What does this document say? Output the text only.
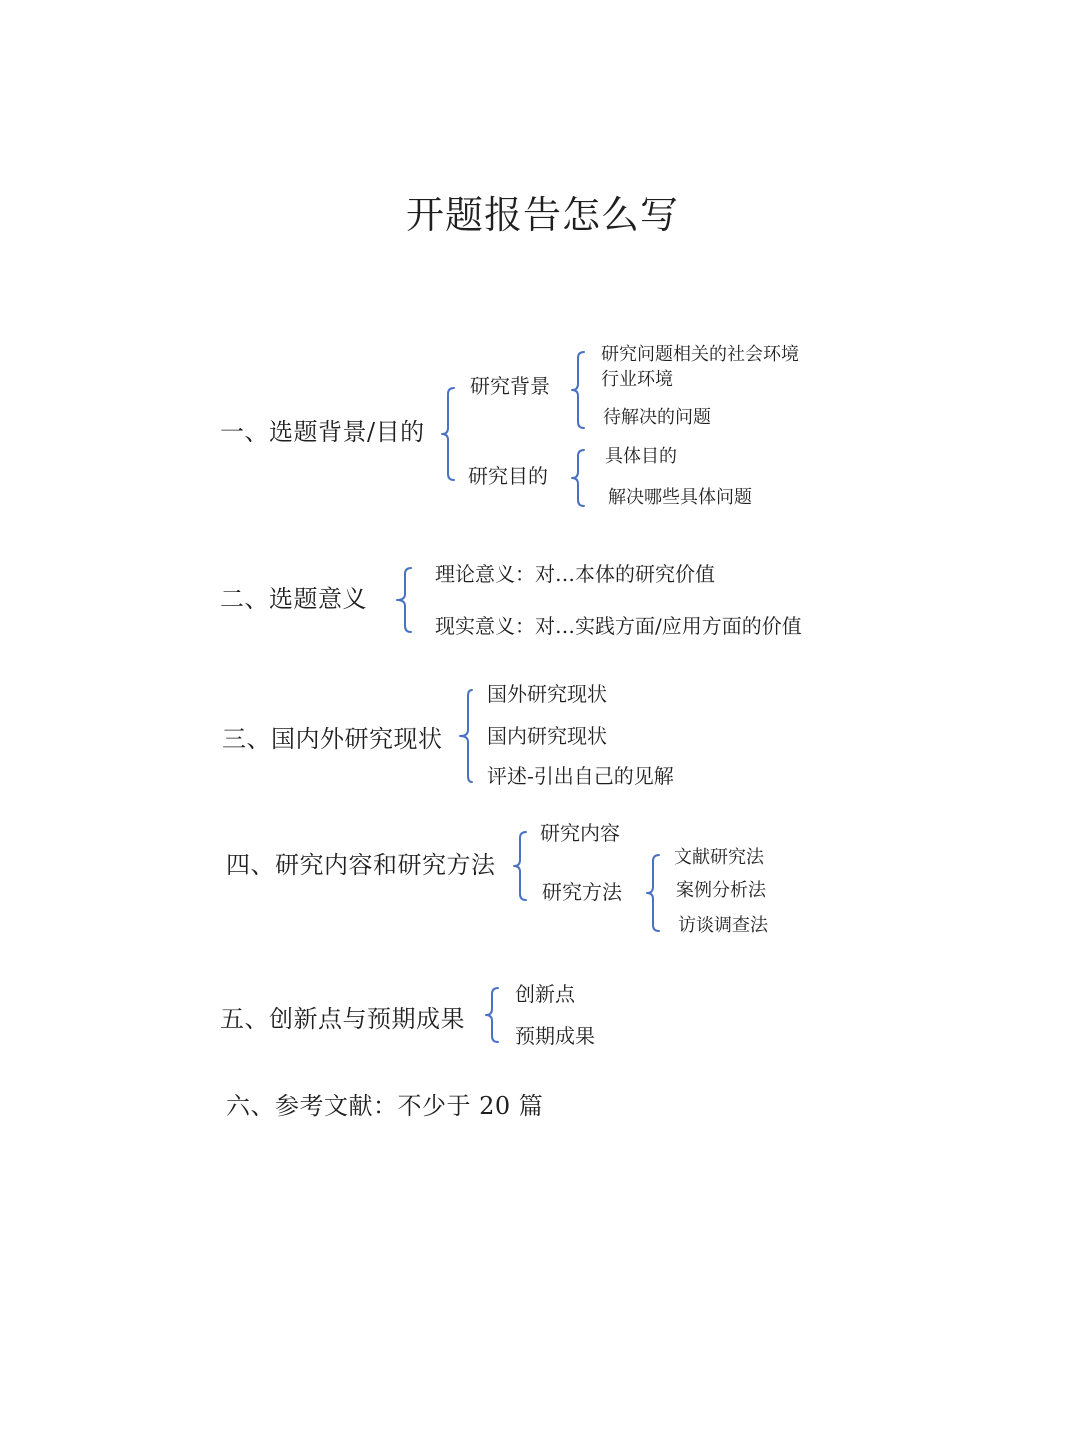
开题报告怎么写
一、选题背景/目的
研究背景
研究问题相关的社会环境
行业环境
待解决的问题
研究目的
具体目的
解决哪些具体问题
二、选题意义
理论意义：对…本体的研究价值
现实意义：对…实践方面/应用方面的价值
三、国内外研究现状
国外研究现状
国内研究现状
评述-引出自己的见解
四、研究内容和研究方法
研究内容
研究方法
文献研究法
案例分析法
访谈调查法
五、创新点与预期成果
创新点
预期成果
六、参考文献：不少于 20 篇
